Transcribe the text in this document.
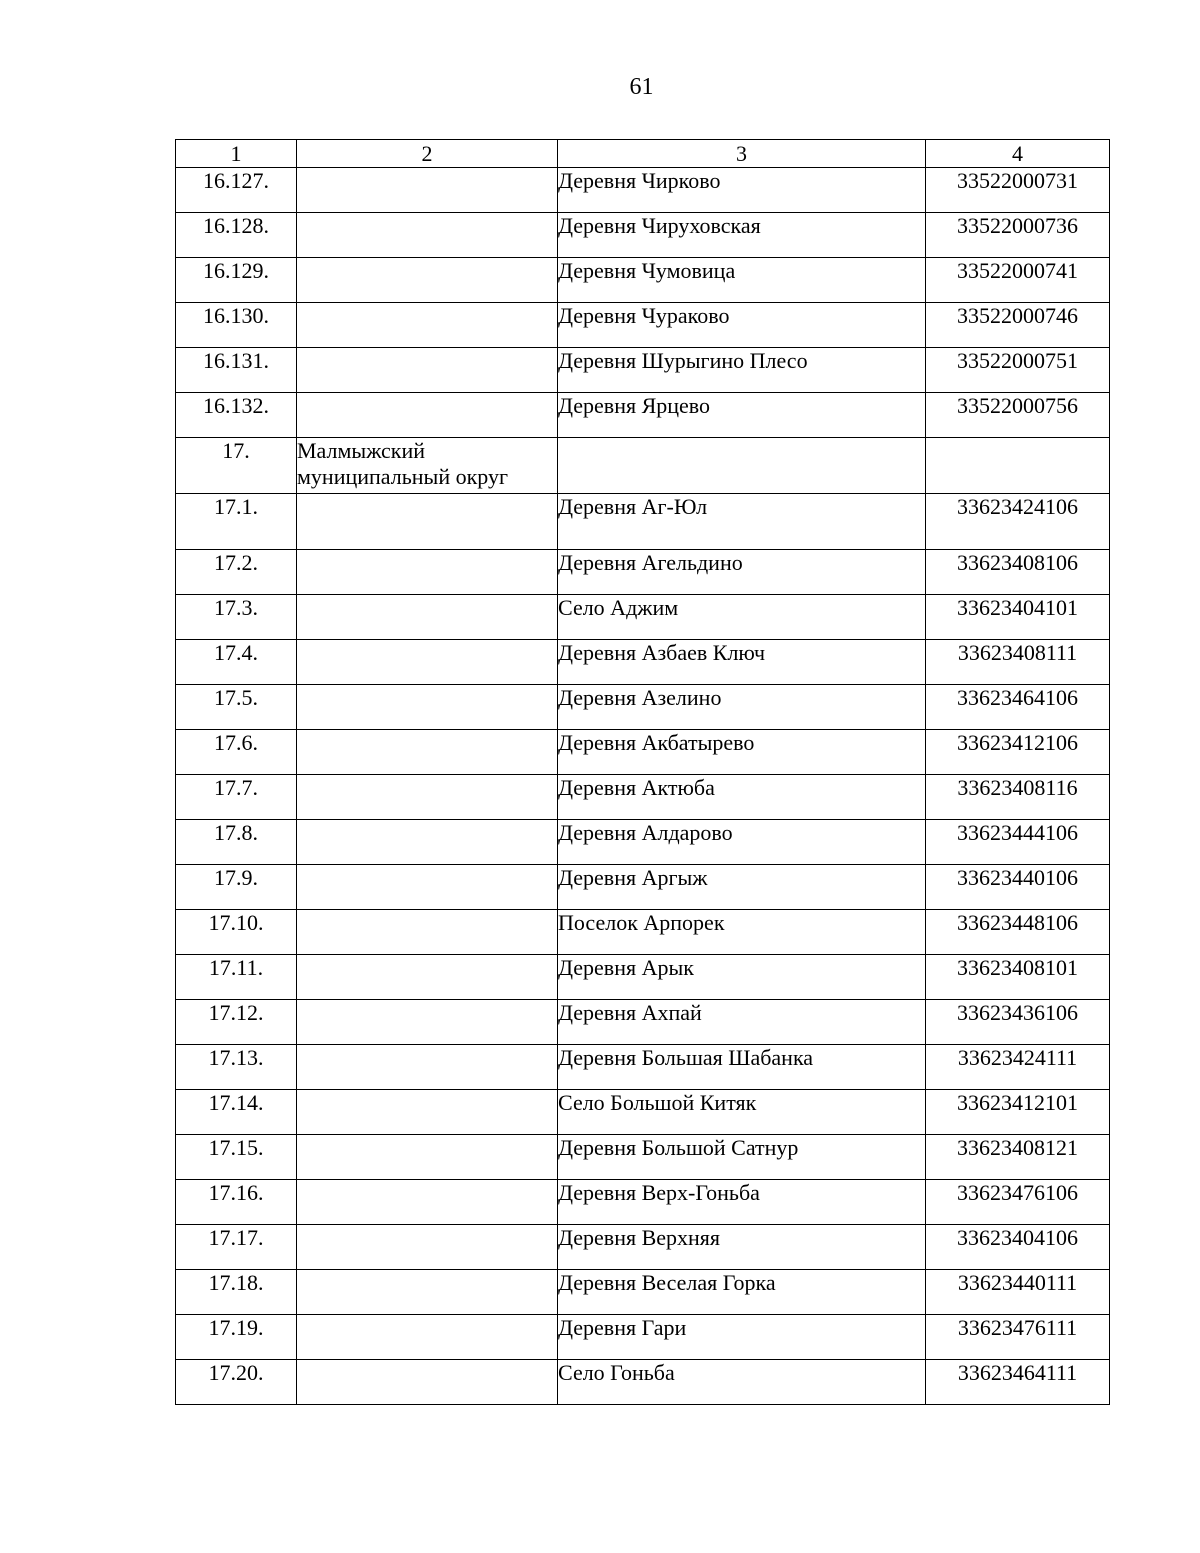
61
1	2	3	4
16.127.		Деревня Чирково	33522000731
16.128.		Деревня Чируховская	33522000736
16.129.		Деревня Чумовица	33522000741
16.130.		Деревня Чураково	33522000746
16.131.		Деревня Шурыгино Плесо	33522000751
16.132.		Деревня Ярцево	33522000756
17.	Малмыжский муниципальный округ		
17.1.		Деревня Аг-Юл	33623424106
17.2.		Деревня Агельдино	33623408106
17.3.		Село Аджим	33623404101
17.4.		Деревня Азбаев Ключ	33623408111
17.5.		Деревня Азелино	33623464106
17.6.		Деревня Акбатырево	33623412106
17.7.		Деревня Актюба	33623408116
17.8.		Деревня Алдарово	33623444106
17.9.		Деревня Аргыж	33623440106
17.10.		Поселок Арпорек	33623448106
17.11.		Деревня Арык	33623408101
17.12.		Деревня Ахпай	33623436106
17.13.		Деревня Большая Шабанка	33623424111
17.14.		Село Большой Китяк	33623412101
17.15.		Деревня Большой Сатнур	33623408121
17.16.		Деревня Верх-Гоньба	33623476106
17.17.		Деревня Верхняя	33623404106
17.18.		Деревня Веселая Горка	33623440111
17.19.		Деревня Гари	33623476111
17.20.		Село Гоньба	33623464111
